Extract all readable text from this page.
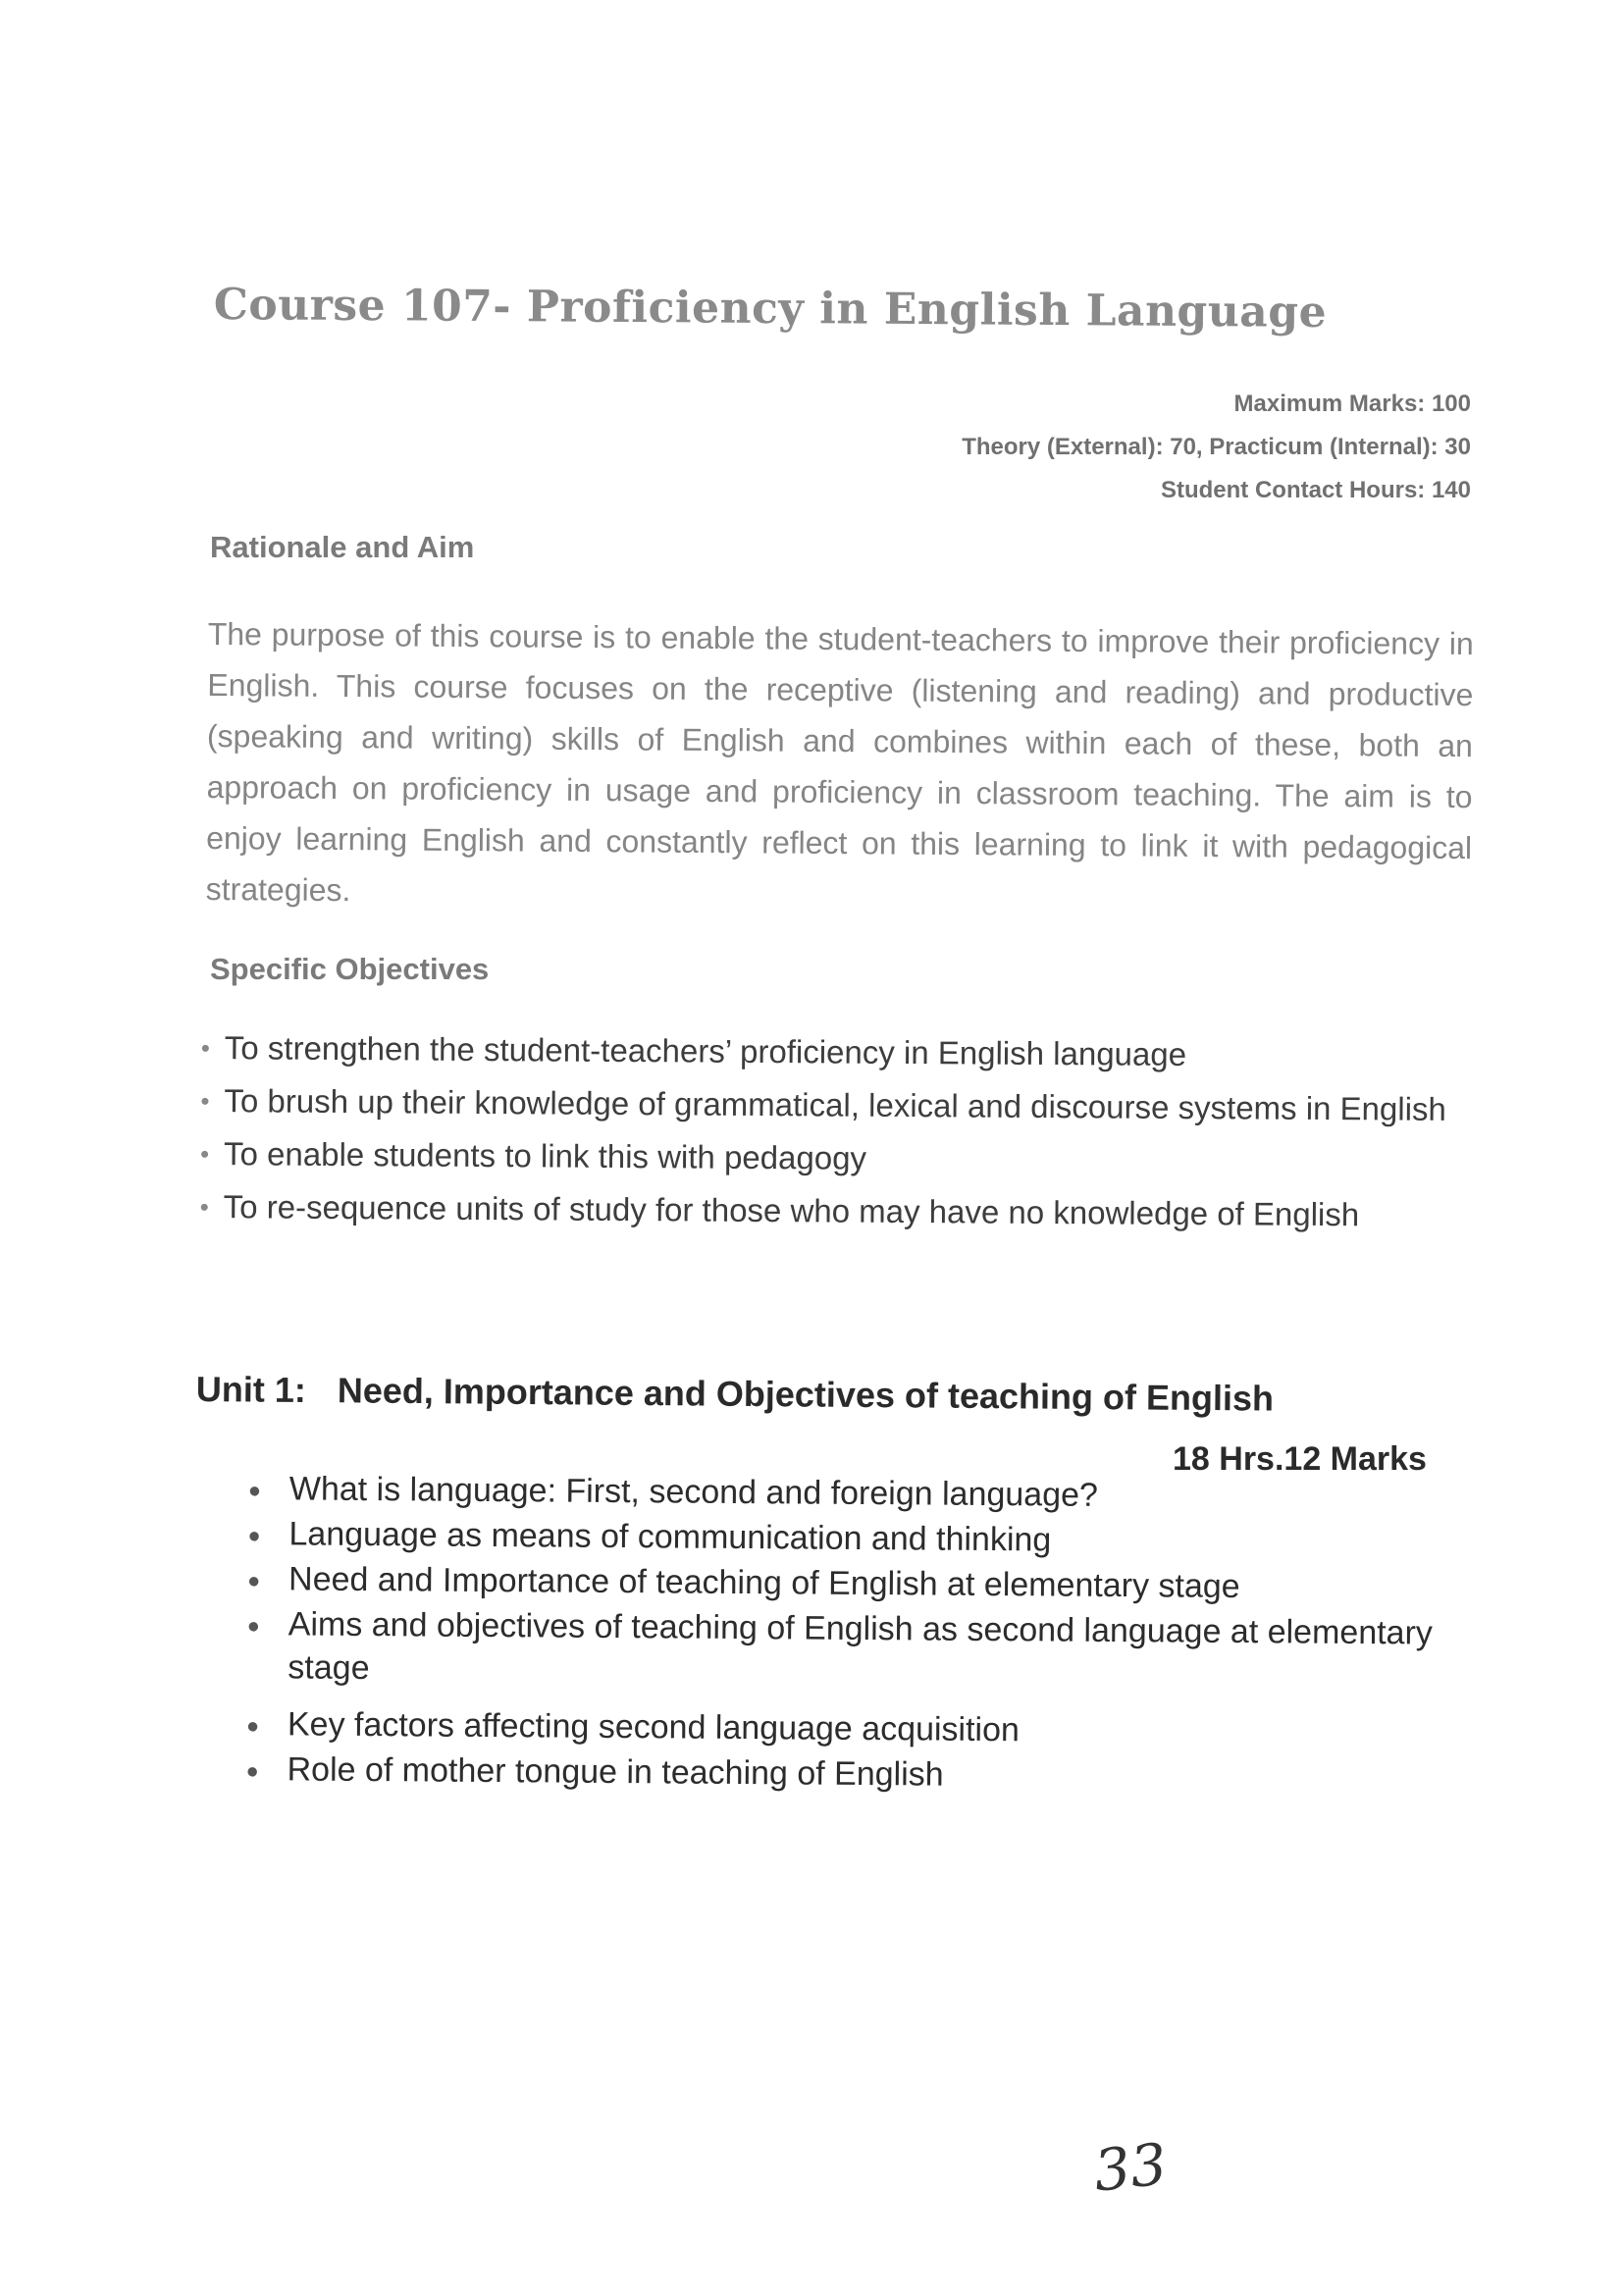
Course 107- Proficiency in English Language
Maximum Marks: 100
Theory (External): 70, Practicum (Internal): 30
Student Contact Hours: 140
Rationale and Aim

The purpose of this course is to enable the student-teachers to improve their proficiency in English. This course focuses on the receptive (listening and reading) and productive (speaking and writing) skills of English and combines within each of these, both an approach on proficiency in usage and proficiency in classroom teaching. The aim is to enjoy learning English and constantly reflect on this learning to link it with pedagogical strategies.

Specific Objectives
• To strengthen the student-teachers’ proficiency in English language
• To brush up their knowledge of grammatical, lexical and discourse systems in English
• To enable students to link this with pedagogy
• To re-sequence units of study for those who may have no knowledge of English
Unit 1: Need, Importance and Objectives of teaching of English
18 Hrs.12 Marks
● What is language: First, second and foreign language?
● Language as means of communication and thinking
● Need and Importance of teaching of English at elementary stage
● Aims and objectives of teaching of English as second language at elementary stage
● Key factors affecting second language acquisition
● Role of mother tongue in teaching of English
33
